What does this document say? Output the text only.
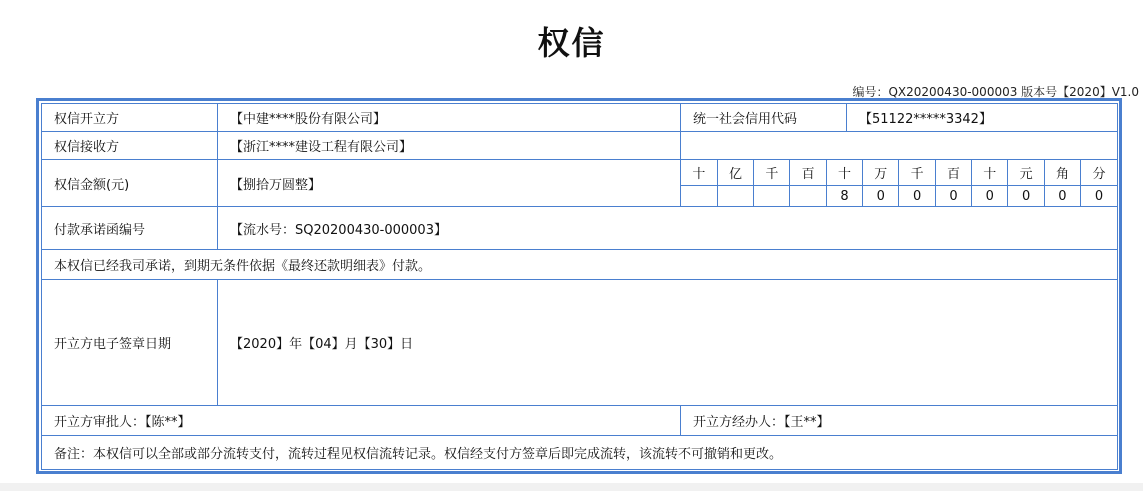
权信
编号：QX20200430-000003 版本号【2020】V1.0
权信开立方	【中建****股份有限公司】	统一社会信用代码	【51122*****3342】
权信接收方	【浙江****建设工程有限公司】	
权信金额(元)	【捌拾万圆整】	
十	亿	千	百	十	万	千	百	十	元	角	分
				8	0	0	0	0	0	0	0

付款承诺函编号	【流水号：SQ20200430-000003】
本权信已经我司承诺，到期无条件依据《最终还款明细表》付款。
开立方电子签章日期	【2020】年【04】月【30】日
开立方审批人：【陈**】	开立方经办人：【王**】
备注：本权信可以全部或部分流转支付，流转过程见权信流转记录。权信经支付方签章后即完成流转，该流转不可撤销和更改。
